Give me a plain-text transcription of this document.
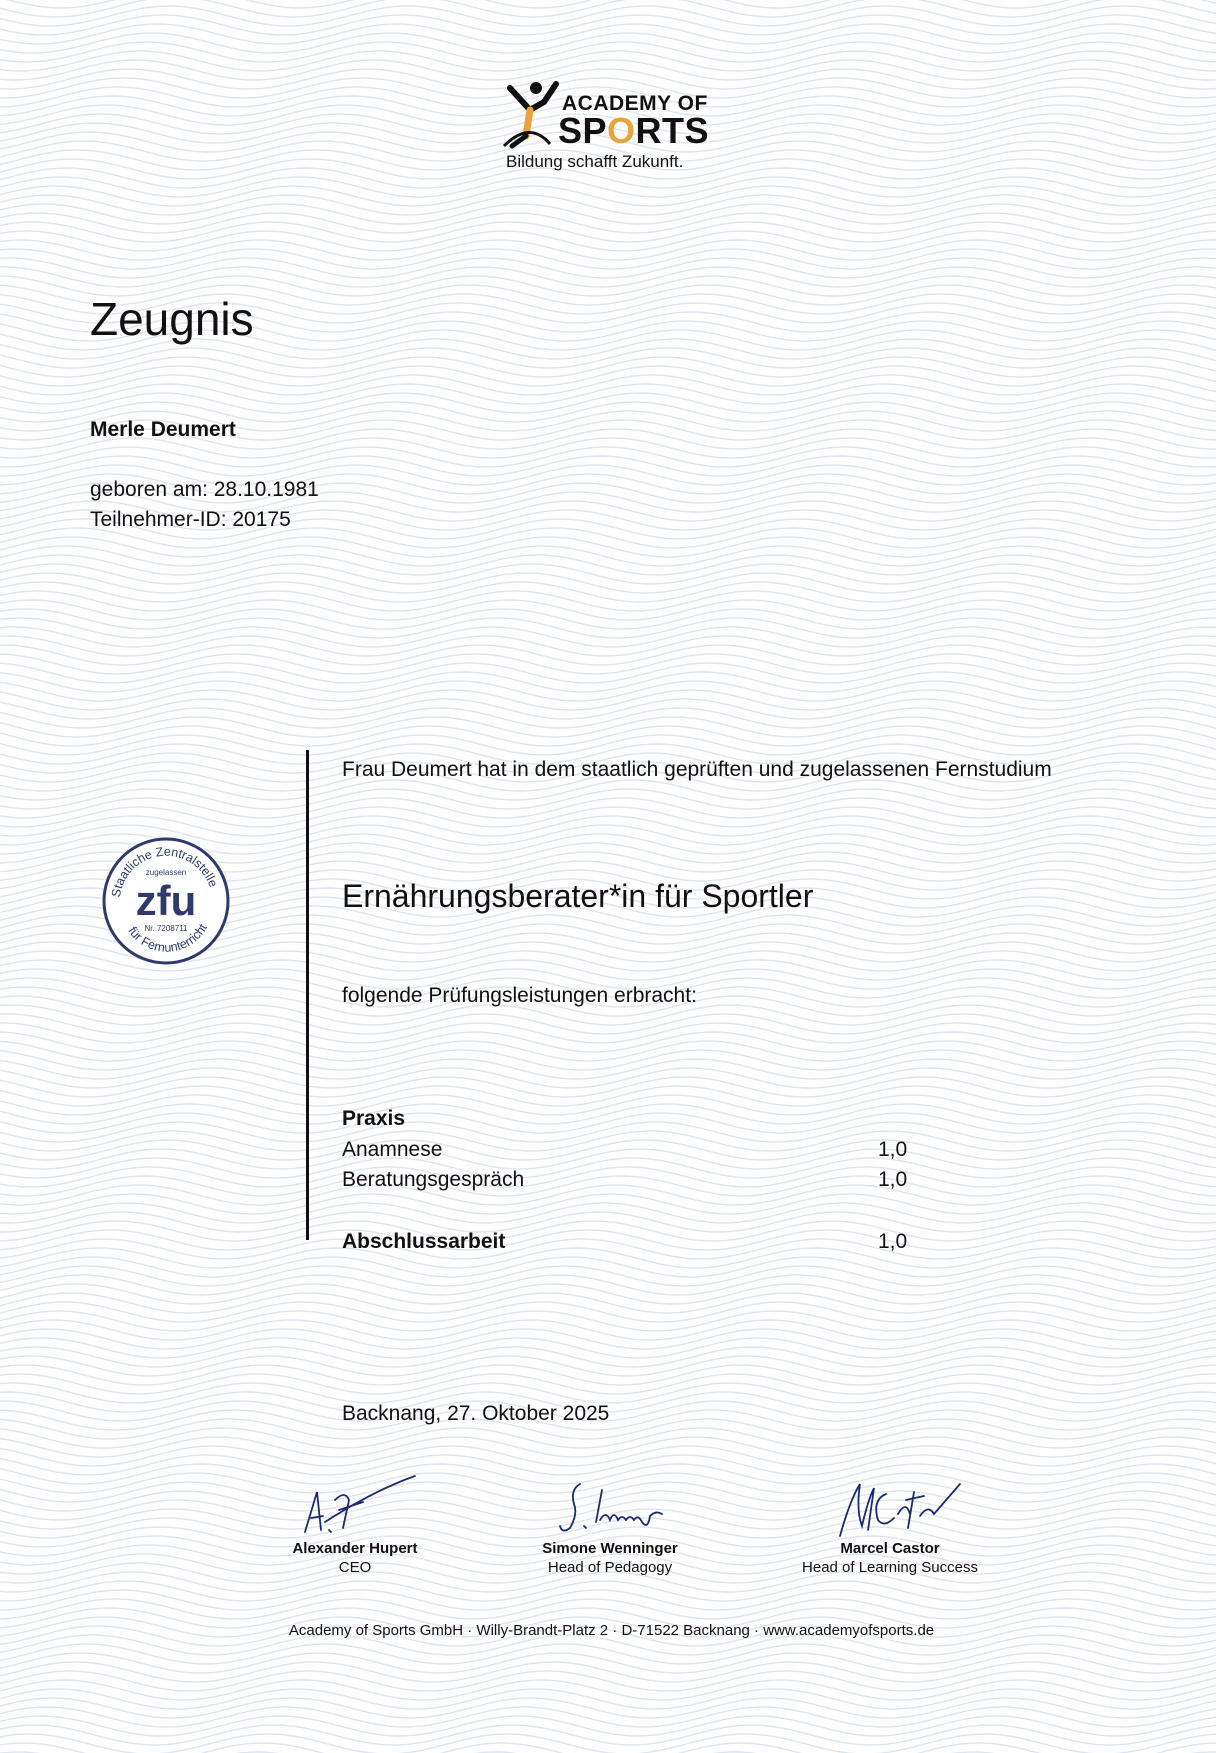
ACADEMY OF
SPORTS
Bildung schafft Zukunft.
Zeugnis
Merle Deumert
geboren am: 28.10.1981
Teilnehmer-ID: 20175
Staatliche Zentralstelle
für Fernunterricht
zugelassen
zfu
Nr. 7208711
Frau Deumert hat in dem staatlich geprüften und zugelassenen Fernstudium
Ernährungsberater*in für Sportler
folgende Prüfungsleistungen erbracht:
Praxis
Anamnese	1,0
Beratungsgespräch	1,0
Abschlussarbeit	1,0
Backnang, 27. Oktober 2025
Alexander Hupert
CEO
Simone Wenninger
Head of Pedagogy
Marcel Castor
Head of Learning Success
Academy of Sports GmbH · Willy-Brandt-Platz 2 · D-71522 Backnang · www.academyofsports.de
